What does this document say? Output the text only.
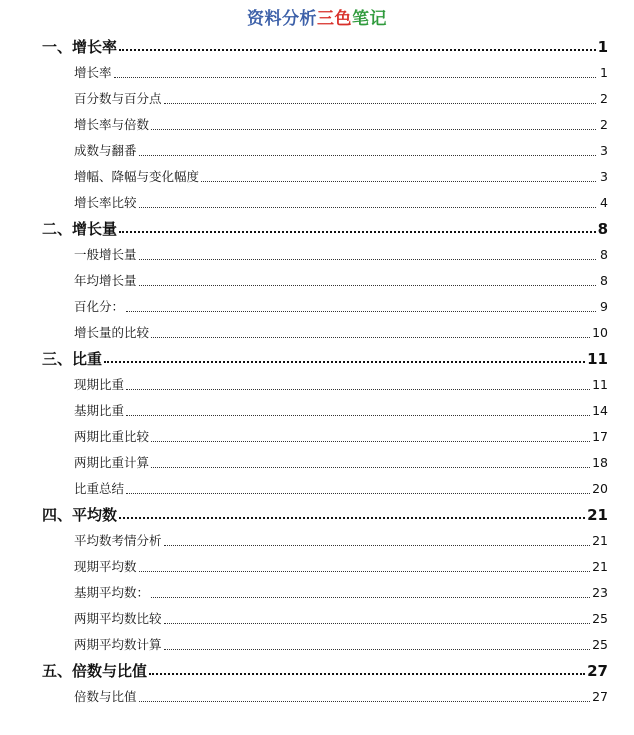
资料分析三色笔记
一、 增长率	1
增长率	1
百分数与百分点	2
增长率与倍数	2
成数与翻番	3
增幅、降幅与变化幅度	3
增长率比较	4
二、 增长量	8
一般增长量	8
年均增长量	8
百化分：	9
增长量的比较	10
三、 比重	11
现期比重	11
基期比重	14
两期比重比较	17
两期比重计算	18
比重总结	20
四、 平均数	21
平均数考情分析	21
现期平均数	21
基期平均数：	23
两期平均数比较	25
两期平均数计算	25
五、 倍数与比值	27
倍数与比值	27
